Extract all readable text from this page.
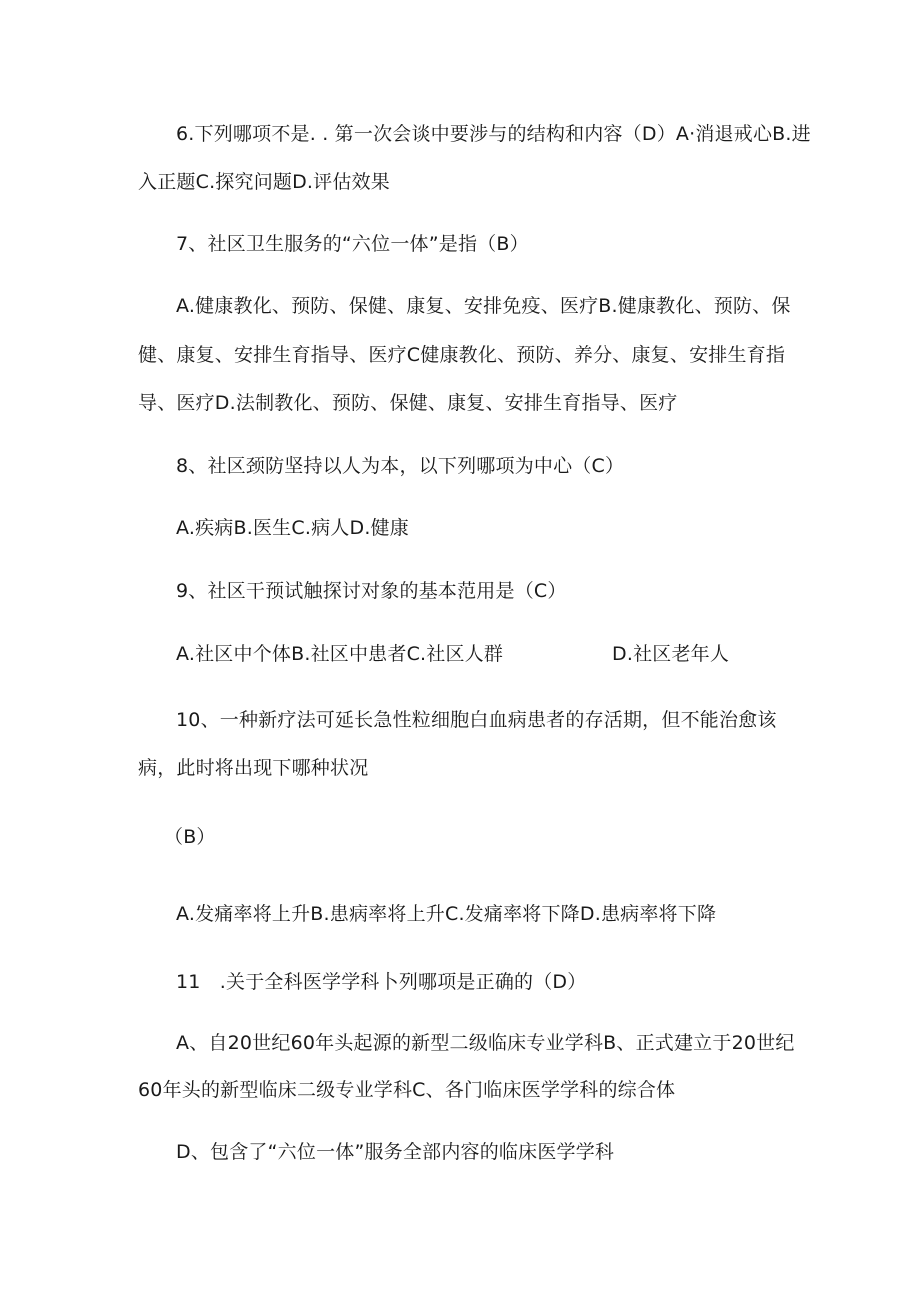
6.下列哪项不是. . 第一次会谈中要涉与的结构和内容（D）A·消退戒心B.进
入正题C.探究问题D.评估效果
7、社区卫生服务的“六位一体”是指（B）
A.健康教化、预防、保健、康复、安排免疫、医疗B.健康教化、预防、保
健、康复、安排生育指导、医疗C健康教化、预防、养分、康复、安排生育指
导、医疗D.法制教化、预防、保健、康复、安排生育指导、医疗
8、社区颈防坚持以人为本，以下列哪项为中心（C）
A.疾病B.医生C.病人D.健康
9、社区干预试触探讨对象的基本范用是（C）
A.社区中个体B.社区中患者C.社区人群	D.社区老年人
10、一种新疗法可延长急性粒细胞白血病患者的存活期，但不能治愈该
病，此时将出现下哪种状况
（B）
A.发痛率将上升B.患病率将上升C.发痛率将下降D.患病率将下降
11　.关于全科医学学科卜列哪项是正确的（D）
A、自20世纪60年头起源的新型二级临床专业学科B、正式建立于20世纪
60年头的新型临床二级专业学科C、各门临床医学学科的综合体
D、包含了“六位一体”服务全部内容的临床医学学科
